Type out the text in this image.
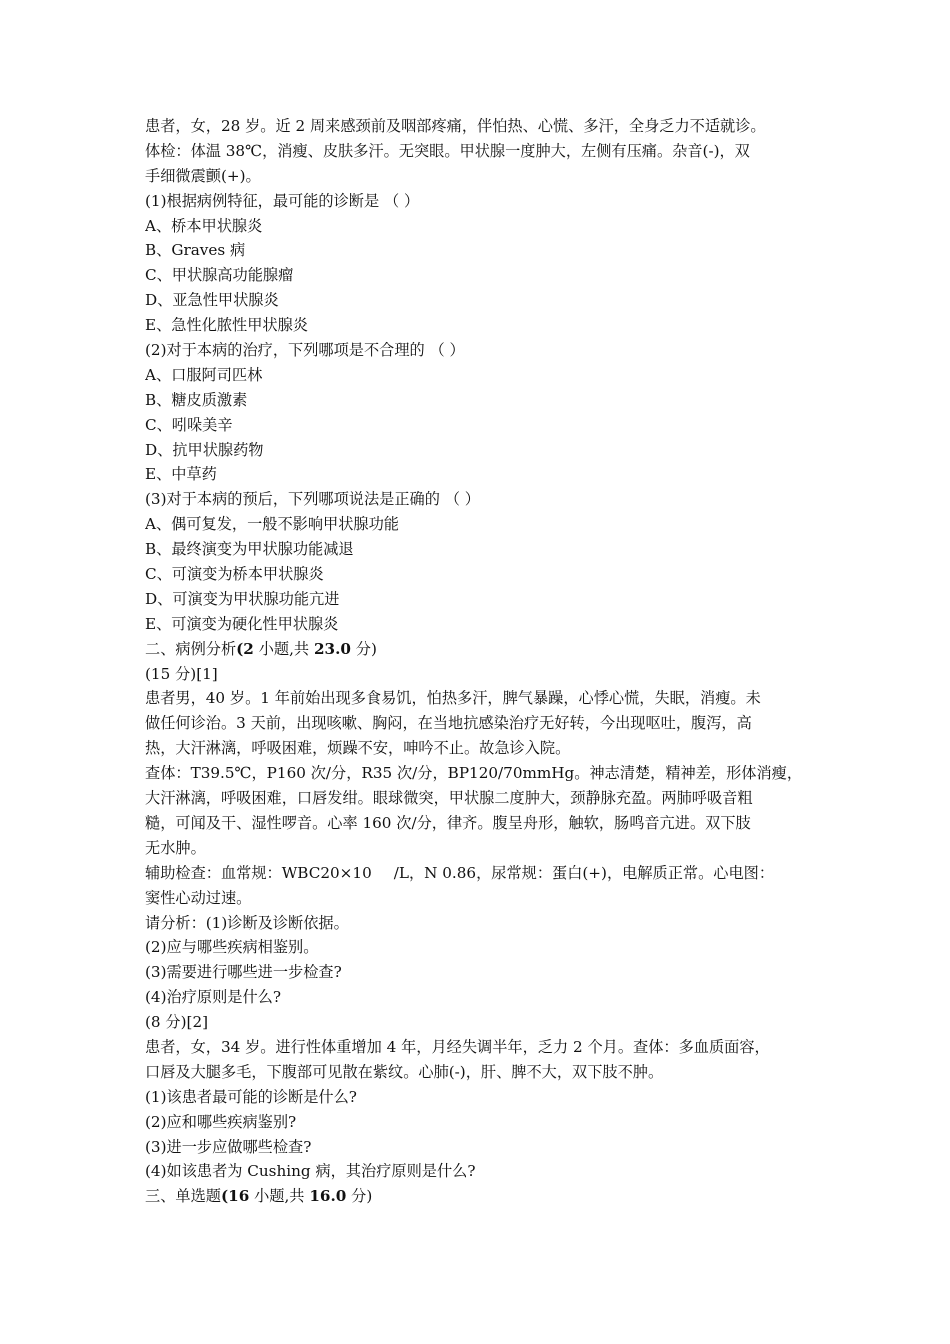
患者，女，28 岁。近 2 周来感颈前及咽部疼痛，伴怕热、心慌、多汗，全身乏力不适就诊。
体检：体温 38℃，消瘦、皮肤多汗。无突眼。甲状腺一度肿大，左侧有压痛。杂音(-)，双
手细微震颤(+)。
(1)根据病例特征，最可能的诊断是 （ ）
A、桥本甲状腺炎
B、Graves 病
C、甲状腺高功能腺瘤
D、亚急性甲状腺炎
E、急性化脓性甲状腺炎
(2)对于本病的治疗，下列哪项是不合理的 （ ）
A、口服阿司匹林
B、糖皮质激素
C、吲哚美辛
D、抗甲状腺药物
E、中草药
(3)对于本病的预后，下列哪项说法是正确的 （ ）
A、偶可复发，一般不影响甲状腺功能
B、最终演变为甲状腺功能减退
C、可演变为桥本甲状腺炎
D、可演变为甲状腺功能亢进
E、可演变为硬化性甲状腺炎
二、病例分析(2 小题,共 23.0 分)
(15 分)[1]
患者男，40 岁。1 年前始出现多食易饥，怕热多汗，脾气暴躁，心悸心慌，失眠，消瘦。未
做任何诊治。3 天前，出现咳嗽、胸闷，在当地抗感染治疗无好转，今出现呕吐，腹泻，高
热，大汗淋漓，呼吸困难，烦躁不安，呻吟不止。故急诊入院。
查体：T39.5℃，P160 次/分，R35 次/分，BP120/70mmHg。神志清楚，精神差，形体消瘦，
大汗淋漓，呼吸困难，口唇发绀。眼球微突，甲状腺二度肿大，颈静脉充盈。两肺呼吸音粗
糙，可闻及干、湿性啰音。心率 160 次/分，律齐。腹呈舟形，触软，肠鸣音亢进。双下肢
无水肿。
辅助检查：血常规：WBC20×10 /L，N 0.86，尿常规：蛋白(+)，电解质正常。心电图：
窦性心动过速。
请分析：(1)诊断及诊断依据。
(2)应与哪些疾病相鉴别。
(3)需要进行哪些进一步检查?
(4)治疗原则是什么?
(8 分)[2]
患者，女，34 岁。进行性体重增加 4 年，月经失调半年，乏力 2 个月。查体：多血质面容，
口唇及大腿多毛，下腹部可见散在紫纹。心肺(-)，肝、脾不大，双下肢不肿。
(1)该患者最可能的诊断是什么?
(2)应和哪些疾病鉴别?
(3)进一步应做哪些检查?
(4)如该患者为 Cushing 病，其治疗原则是什么?
三、单选题(16 小题,共 16.0 分)
